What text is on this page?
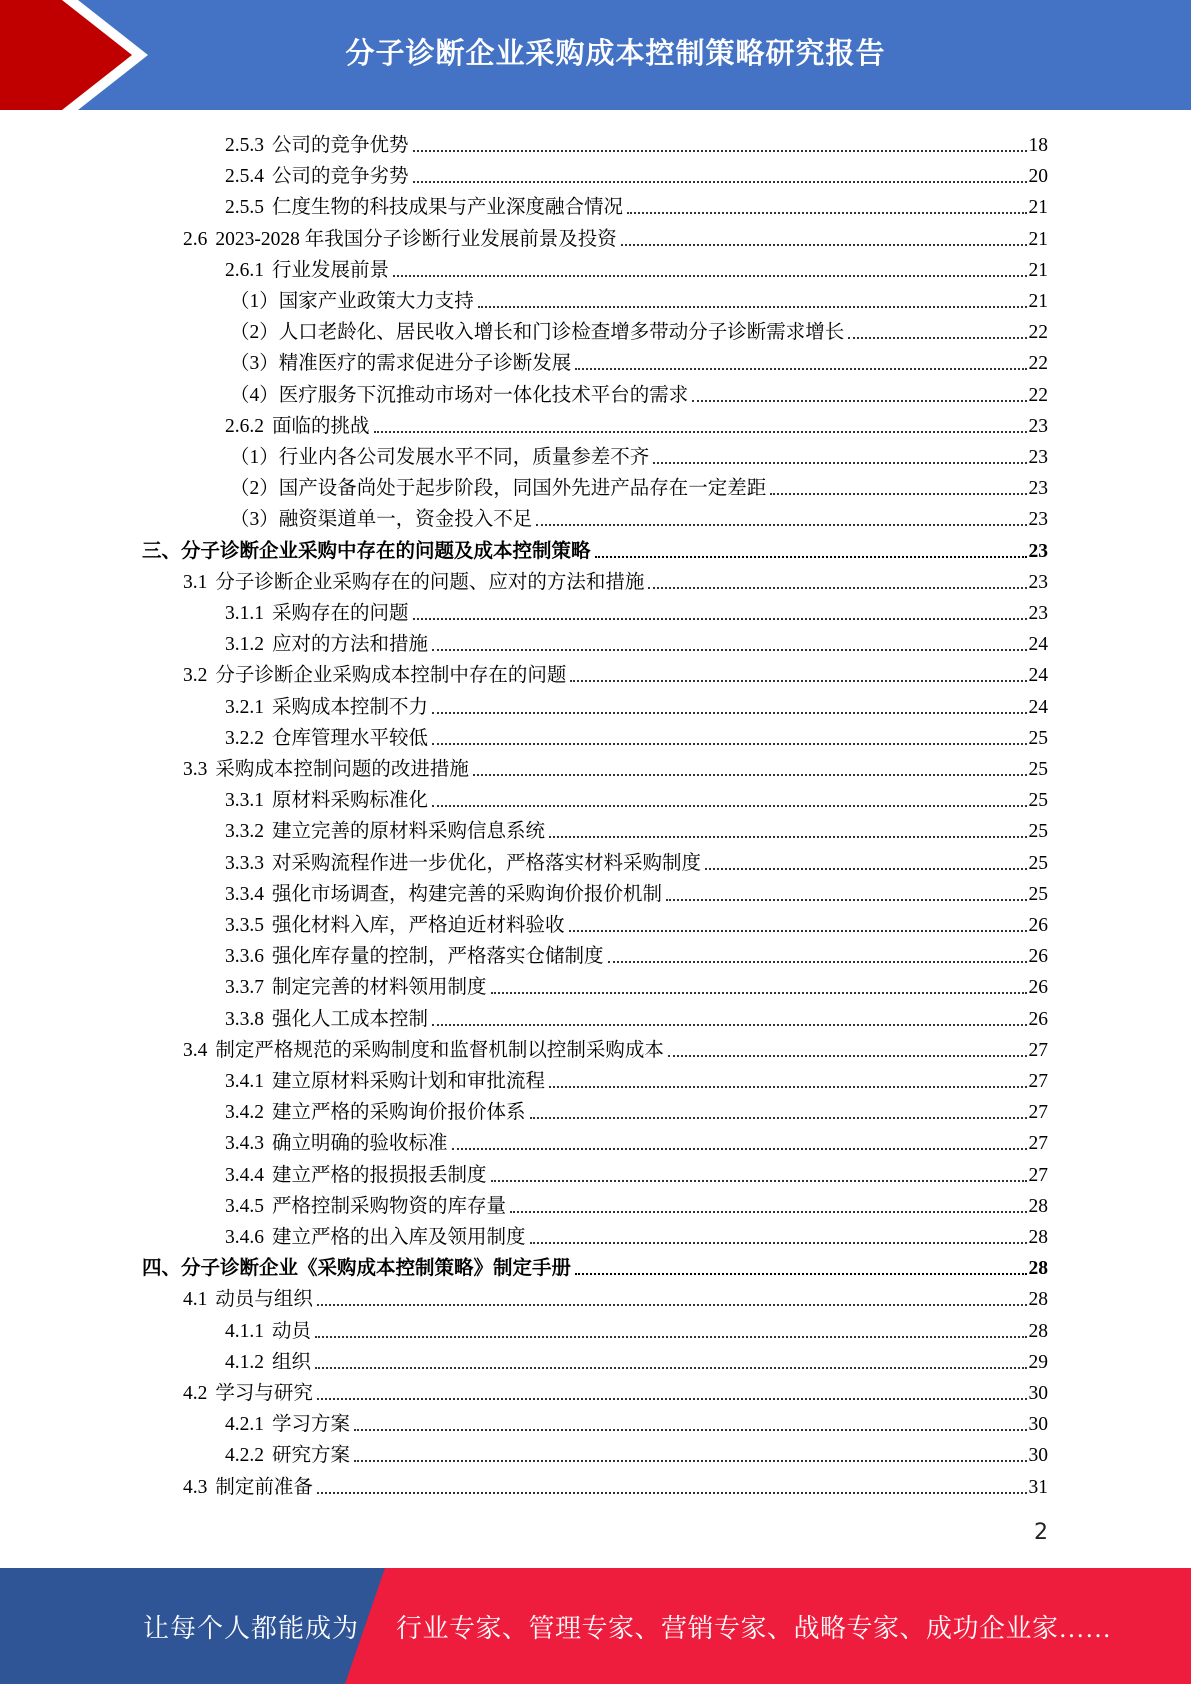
分子诊断企业采购成本控制策略研究报告
2.5.3 公司的竞争优势	18
2.5.4 公司的竞争劣势	20
2.5.5 仁度生物的科技成果与产业深度融合情况	21
2.6 2023-2028 年我国分子诊断行业发展前景及投资	21
2.6.1 行业发展前景	21
（1）国家产业政策大力支持	21
（2）人口老龄化、居民收入增长和门诊检查增多带动分子诊断需求增长	22
（3）精准医疗的需求促进分子诊断发展	22
（4）医疗服务下沉推动市场对一体化技术平台的需求	22
2.6.2 面临的挑战	23
（1）行业内各公司发展水平不同，质量参差不齐	23
（2）国产设备尚处于起步阶段，同国外先进产品存在一定差距	23
（3）融资渠道单一，资金投入不足	23
三、分子诊断企业采购中存在的问题及成本控制策略	23
3.1 分子诊断企业采购存在的问题、应对的方法和措施	23
3.1.1 采购存在的问题	23
3.1.2 应对的方法和措施	24
3.2 分子诊断企业采购成本控制中存在的问题	24
3.2.1 采购成本控制不力	24
3.2.2 仓库管理水平较低	25
3.3 采购成本控制问题的改进措施	25
3.3.1 原材料采购标准化	25
3.3.2 建立完善的原材料采购信息系统	25
3.3.3 对采购流程作进一步优化，严格落实材料采购制度	25
3.3.4 强化市场调查，构建完善的采购询价报价机制	25
3.3.5 强化材料入库，严格迫近材料验收	26
3.3.6 强化库存量的控制，严格落实仓储制度	26
3.3.7 制定完善的材料领用制度	26
3.3.8 强化人工成本控制	26
3.4 制定严格规范的采购制度和监督机制以控制采购成本	27
3.4.1 建立原材料采购计划和审批流程	27
3.4.2 建立严格的采购询价报价体系	27
3.4.3 确立明确的验收标准	27
3.4.4 建立严格的报损报丢制度	27
3.4.5 严格控制采购物资的库存量	28
3.4.6 建立严格的出入库及领用制度	28
四、分子诊断企业《采购成本控制策略》制定手册	28
4.1 动员与组织	28
4.1.1 动员	28
4.1.2 组织	29
4.2 学习与研究	30
4.2.1 学习方案	30
4.2.2 研究方案	30
4.3 制定前准备	31
2
让每个人都能成为 行业专家、管理专家、营销专家、战略专家、成功企业家……
